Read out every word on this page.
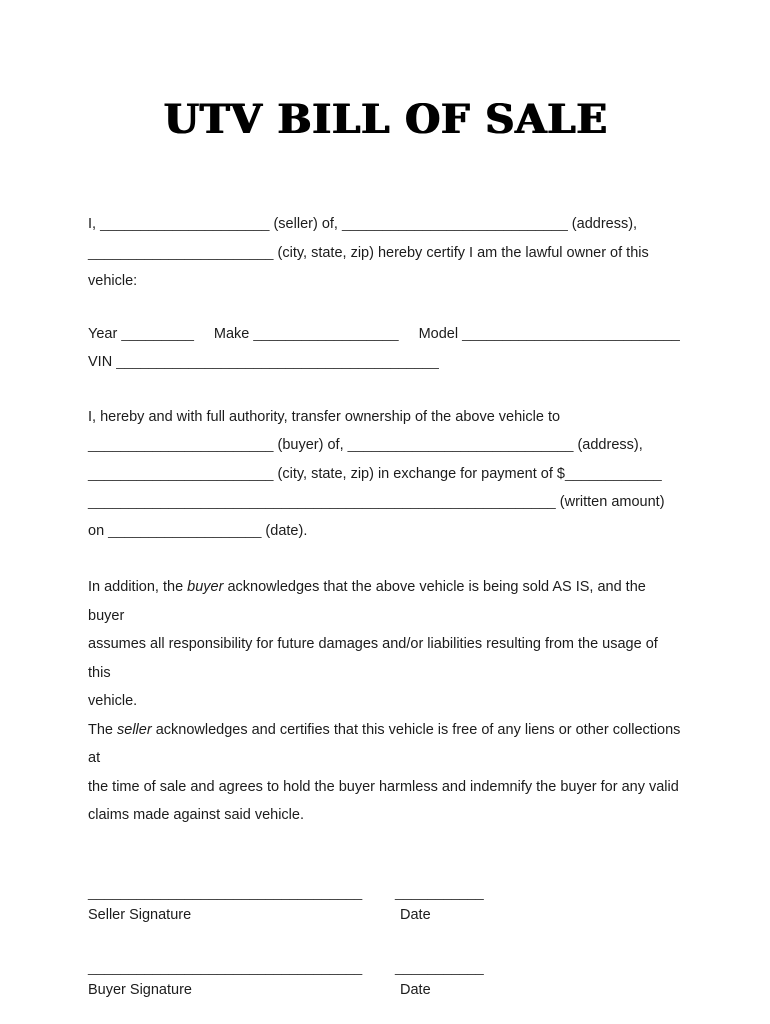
UTV BILL OF SALE
I, _____________________ (seller) of, ____________________________ (address),
_______________________ (city, state, zip) hereby certify I am the lawful owner of this vehicle:
Year _________ Make __________________ Model ___________________________
VIN ________________________________________
I, hereby and with full authority, transfer ownership of the above vehicle to
_______________________ (buyer) of, ____________________________ (address),
_______________________ (city, state, zip) in exchange for payment of $____________
__________________________________________________________ (written amount)
on ___________________ (date).
In addition, the buyer acknowledges that the above vehicle is being sold AS IS, and the buyer
assumes all responsibility for future damages and/or liabilities resulting from the usage of this
vehicle.
The seller acknowledges and certifies that this vehicle is free of any liens or other collections at
the time of sale and agrees to hold the buyer harmless and indemnify the buyer for any valid
claims made against said vehicle.
__________________________________
Seller Signature
___________
Date
__________________________________
Buyer Signature
___________
Date
